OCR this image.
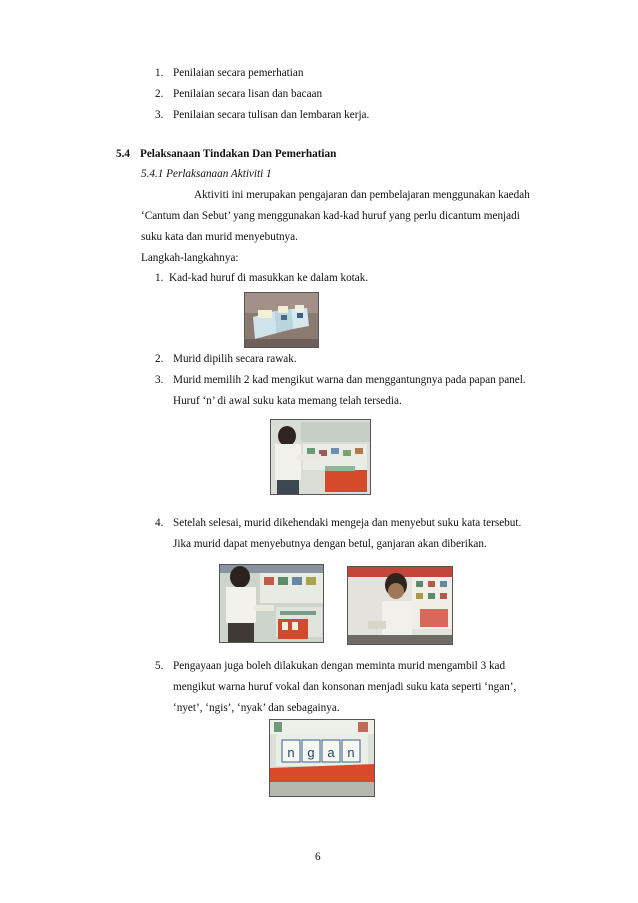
1. Penilaian secara pemerhatian
2. Penilaian secara lisan dan bacaan
3. Penilaian secara tulisan dan lembaran kerja.
5.4 Pelaksanaan Tindakan Dan Pemerhatian
5.4.1 Perlaksanaan Aktiviti 1
Aktiviti ini merupakan pengajaran dan pembelajaran menggunakan kaedah
‘Cantum dan Sebut’ yang menggunakan kad-kad huruf yang perlu dicantum menjadi
suku kata dan murid menyebutnya.
Langkah-langkahnya:
1. Kad-kad huruf di masukkan ke dalam kotak.
2. Murid dipilih secara rawak.
3. Murid memilih 2 kad mengikut warna dan menggantungnya pada papan panel.
Huruf ‘n’ di awal suku kata memang telah tersedia.
4. Setelah selesai, murid dikehendaki mengeja dan menyebut suku kata tersebut.
Jika murid dapat menyebutnya dengan betul, ganjaran akan diberikan.
5. Pengayaan juga boleh dilakukan dengan meminta murid mengambil 3 kad
mengikut warna huruf vokal dan konsonan menjadi suku kata seperti ‘ngan’,
‘nyet’, ‘ngis’, ‘nyak’ dan sebagainya.
n g a n
6
